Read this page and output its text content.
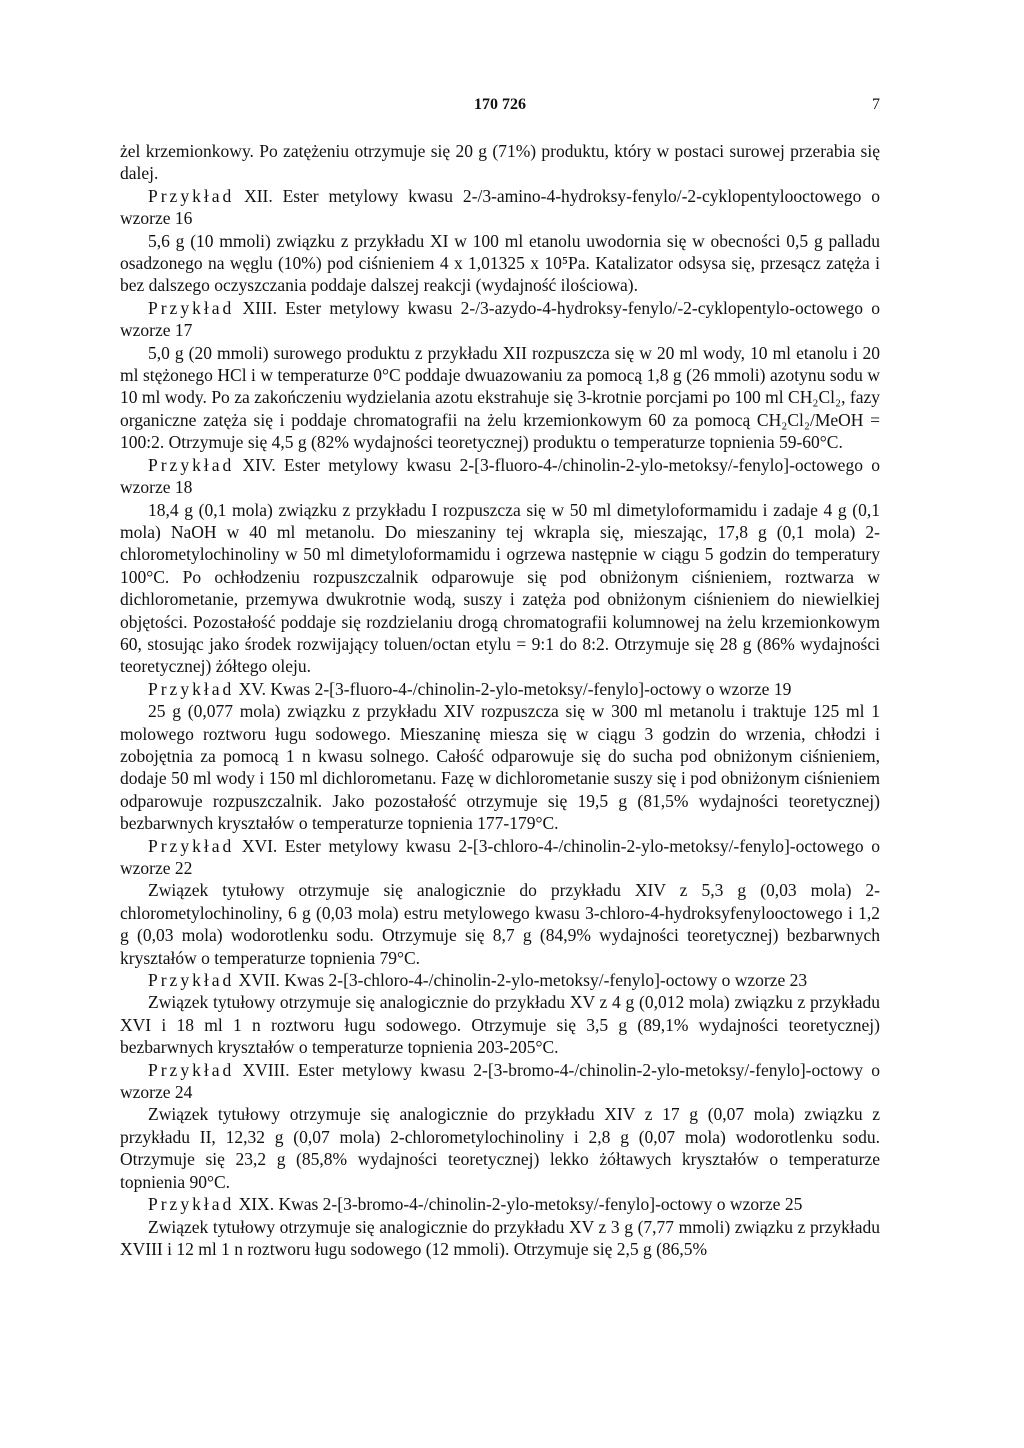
170 726	7

żel krzemionkowy. Po zatężeniu otrzymuje się 20 g (71%) produktu, który w postaci surowej przerabia się dalej.

Przykład XII. Ester metylowy kwasu 2-/3-amino-4-hydroksy-fenylo/-2-cyklopentylooctowego o wzorze 16

5,6 g (10 mmoli) związku z przykładu XI w 100 ml etanolu uwodornia się w obecności 0,5 g palladu osadzonego na węglu (10%) pod ciśnieniem 4 x 1,01325 x 10⁵Pa. Katalizator odsysa się, przesącz zatęża i bez dalszego oczyszczania poddaje dalszej reakcji (wydajność ilościowa).

Przykład XIII. Ester metylowy kwasu 2-/3-azydo-4-hydroksy-fenylo/-2-cyklopentylo-octowego o wzorze 17

5,0 g (20 mmoli) surowego produktu z przykładu XII rozpuszcza się w 20 ml wody, 10 ml etanolu i 20 ml stężonego HCl i w temperaturze 0°C poddaje dwuazowaniu za pomocą 1,8 g (26 mmoli) azotynu sodu w 10 ml wody. Po za zakończeniu wydzielania azotu ekstrahuje się 3-krotnie porcjami po 100 ml CH₂Cl₂, fazy organiczne zatęża się i poddaje chromatografii na żelu krzemionkowym 60 za pomocą CH₂Cl₂/MeOH = 100:2. Otrzymuje się 4,5 g (82% wydajności teoretycznej) produktu o temperaturze topnienia 59-60°C.

Przykład XIV. Ester metylowy kwasu 2-[3-fluoro-4-/chinolin-2-ylo-metoksy/-fenylo]-octowego o wzorze 18

18,4 g (0,1 mola) związku z przykładu I rozpuszcza się w 50 ml dimetyloformamidu i zadaje 4 g (0,1 mola) NaOH w 40 ml metanolu. Do mieszaniny tej wkrapla się, mieszając, 17,8 g (0,1 mola) 2-chlorometylochinoliny w 50 ml dimetyloformamidu i ogrzewa następnie w ciągu 5 godzin do temperatury 100°C. Po ochłodzeniu rozpuszczalnik odparowuje się pod obniżonym ciśnieniem, roztwarza w dichlorometanie, przemywa dwukrotnie wodą, suszy i zatęża pod obniżonym ciśnieniem do niewielkiej objętości. Pozostałość poddaje się rozdzielaniu drogą chromatografii kolumnowej na żelu krzemionkowym 60, stosując jako środek rozwijający toluen/octan etylu = 9:1 do 8:2. Otrzymuje się 28 g (86% wydajności teoretycznej) żółtego oleju.

Przykład XV. Kwas 2-[3-fluoro-4-/chinolin-2-ylo-metoksy/-fenylo]-octowy o wzorze 19

25 g (0,077 mola) związku z przykładu XIV rozpuszcza się w 300 ml metanolu i traktuje 125 ml 1 molowego roztworu ługu sodowego. Mieszaninę miesza się w ciągu 3 godzin do wrzenia, chłodzi i zobojętnia za pomocą 1 n kwasu solnego. Całość odparowuje się do sucha pod obniżonym ciśnieniem, dodaje 50 ml wody i 150 ml dichlorometanu. Fazę w dichlorometanie suszy się i pod obniżonym ciśnieniem odparowuje rozpuszczalnik. Jako pozostałość otrzymuje się 19,5 g (81,5% wydajności teoretycznej) bezbarwnych kryształów o temperaturze topnienia 177-179°C.

Przykład XVI. Ester metylowy kwasu 2-[3-chloro-4-/chinolin-2-ylo-metoksy/-fenylo]-octowego o wzorze 22

Związek tytułowy otrzymuje się analogicznie do przykładu XIV z 5,3 g (0,03 mola) 2-chlorometylochinoliny, 6 g (0,03 mola) estru metylowego kwasu 3-chloro-4-hydroksyfenylooctowego i 1,2 g (0,03 mola) wodorotlenku sodu. Otrzymuje się 8,7 g (84,9% wydajności teoretycznej) bezbarwnych kryształów o temperaturze topnienia 79°C.

Przykład XVII. Kwas 2-[3-chloro-4-/chinolin-2-ylo-metoksy/-fenylo]-octowy o wzorze 23

Związek tytułowy otrzymuje się analogicznie do przykładu XV z 4 g (0,012 mola) związku z przykładu XVI i 18 ml 1 n roztworu ługu sodowego. Otrzymuje się 3,5 g (89,1% wydajności teoretycznej) bezbarwnych kryształów o temperaturze topnienia 203-205°C.

Przykład XVIII. Ester metylowy kwasu 2-[3-bromo-4-/chinolin-2-ylo-metoksy/-fenylo]-octowy o wzorze 24

Związek tytułowy otrzymuje się analogicznie do przykładu XIV z 17 g (0,07 mola) związku z przykładu II, 12,32 g (0,07 mola) 2-chlorometylochinoliny i 2,8 g (0,07 mola) wodorotlenku sodu. Otrzymuje się 23,2 g (85,8% wydajności teoretycznej) lekko żółtawych kryształów o temperaturze topnienia 90°C.

Przykład XIX. Kwas 2-[3-bromo-4-/chinolin-2-ylo-metoksy/-fenylo]-octowy o wzorze 25

Związek tytułowy otrzymuje się analogicznie do przykładu XV z 3 g (7,77 mmoli) związku z przykładu XVIII i 12 ml 1 n roztworu ługu sodowego (12 mmoli). Otrzymuje się 2,5 g (86,5%
